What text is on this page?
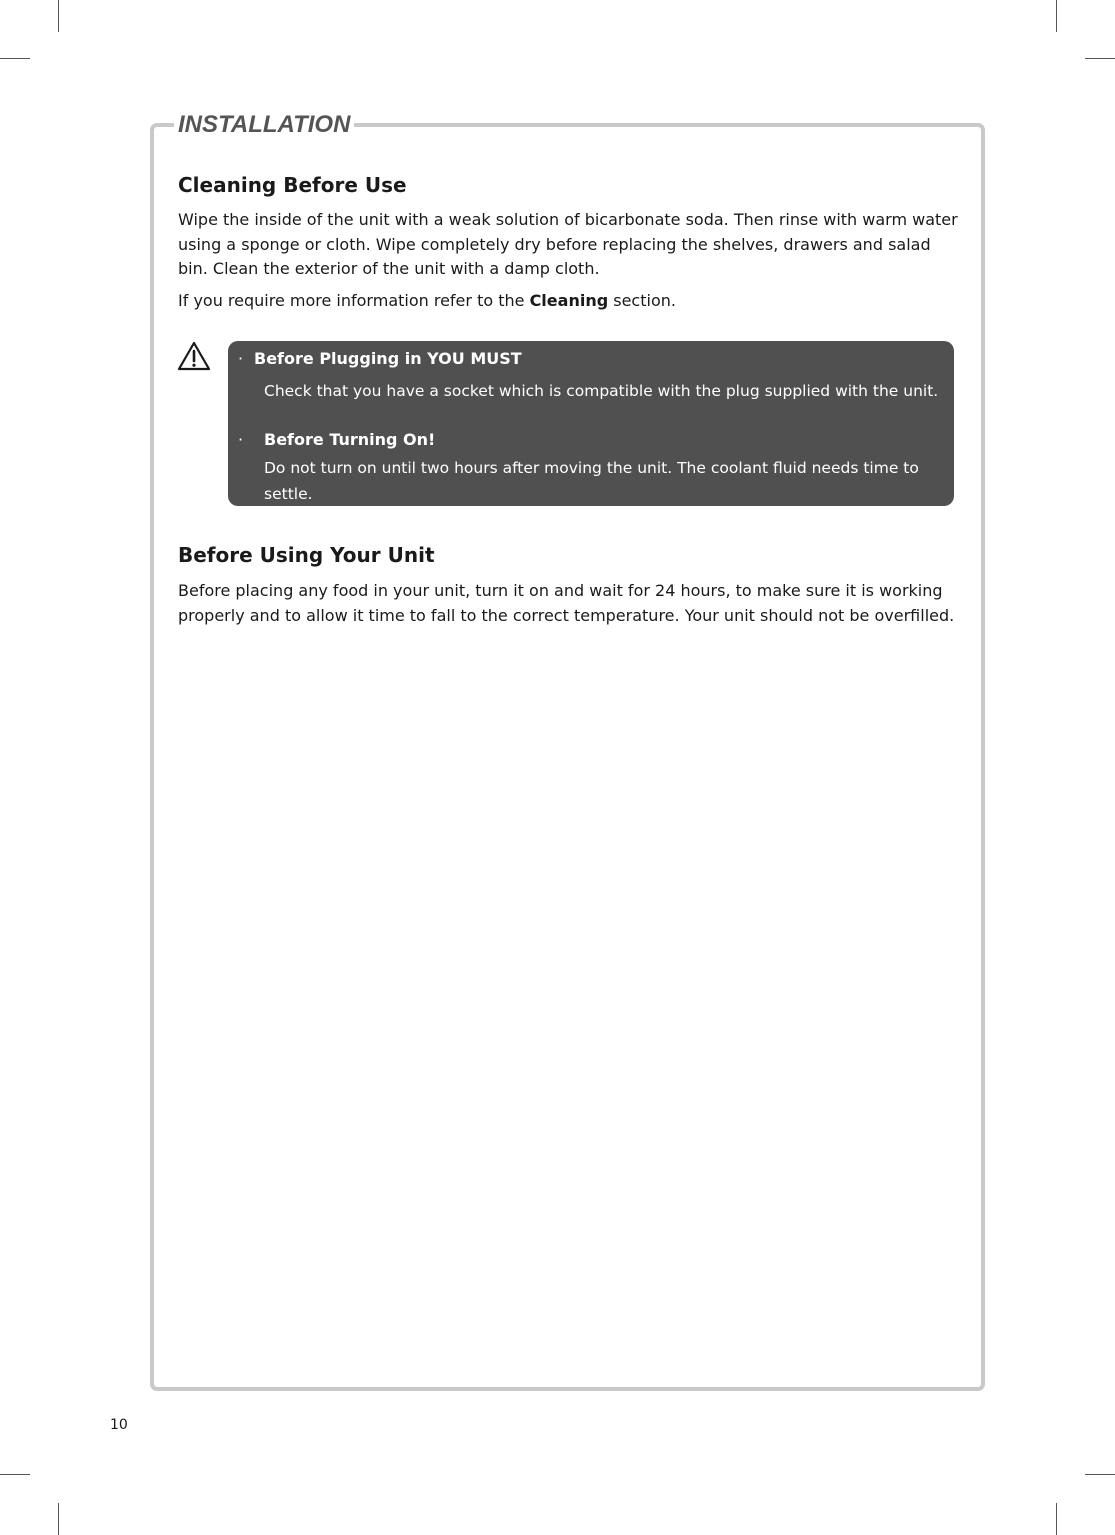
INSTALLATION
Cleaning Before Use

Wipe the inside of the unit with a weak solution of bicarbonate soda. Then rinse with warm water using a sponge or cloth. Wipe completely dry before replacing the shelves, drawers and salad bin. Clean the exterior of the unit with a damp cloth.

If you require more information refer to the Cleaning section.

· Before Plugging in YOU MUST
Check that you have a socket which is compatible with the plug supplied with the unit.
· Before Turning On!
Do not turn on until two hours after moving the unit. The coolant fluid needs time to settle.
Before Using Your Unit

Before placing any food in your unit, turn it on and wait for 24 hours, to make sure it is working properly and to allow it time to fall to the correct temperature. Your unit should not be overfilled.

10
